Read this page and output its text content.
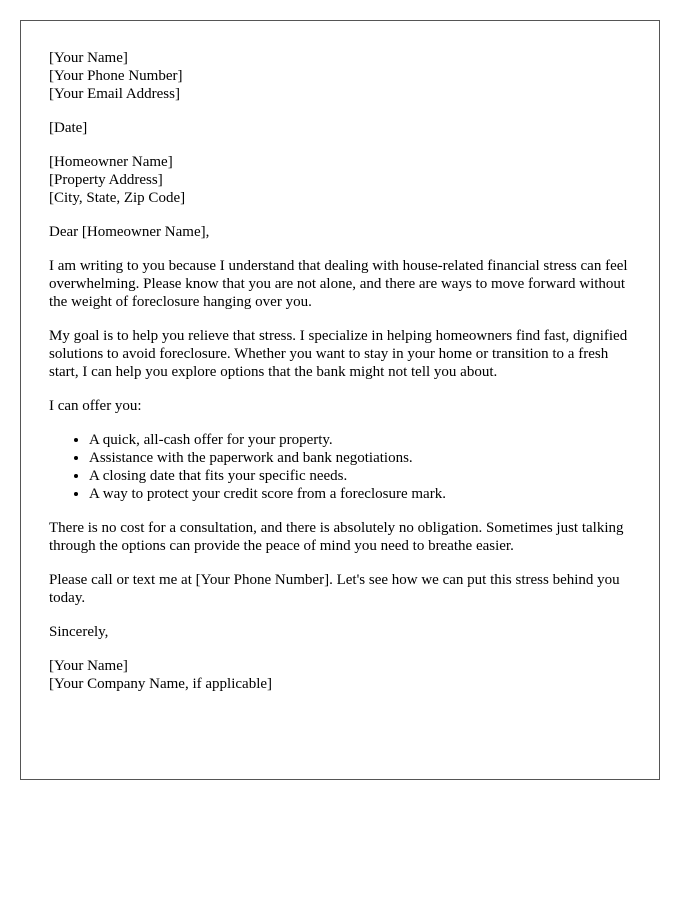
[Your Name]
[Your Phone Number]
[Your Email Address]
[Date]
[Homeowner Name]
[Property Address]
[City, State, Zip Code]

Dear [Homeowner Name],

I am writing to you because I understand that dealing with house-related financial stress can feel overwhelming. Please know that you are not alone, and there are ways to move forward without the weight of foreclosure hanging over you.

My goal is to help you relieve that stress. I specialize in helping homeowners find fast, dignified solutions to avoid foreclosure. Whether you want to stay in your home or transition to a fresh start, I can help you explore options that the bank might not tell you about.

I can offer you:

• A quick, all-cash offer for your property.
• Assistance with the paperwork and bank negotiations.
• A closing date that fits your specific needs.
• A way to protect your credit score from a foreclosure mark.

There is no cost for a consultation, and there is absolutely no obligation. Sometimes just talking through the options can provide the peace of mind you need to breathe easier.

Please call or text me at [Your Phone Number]. Let's see how we can put this stress behind you today.

Sincerely,

[Your Name]
[Your Company Name, if applicable]
